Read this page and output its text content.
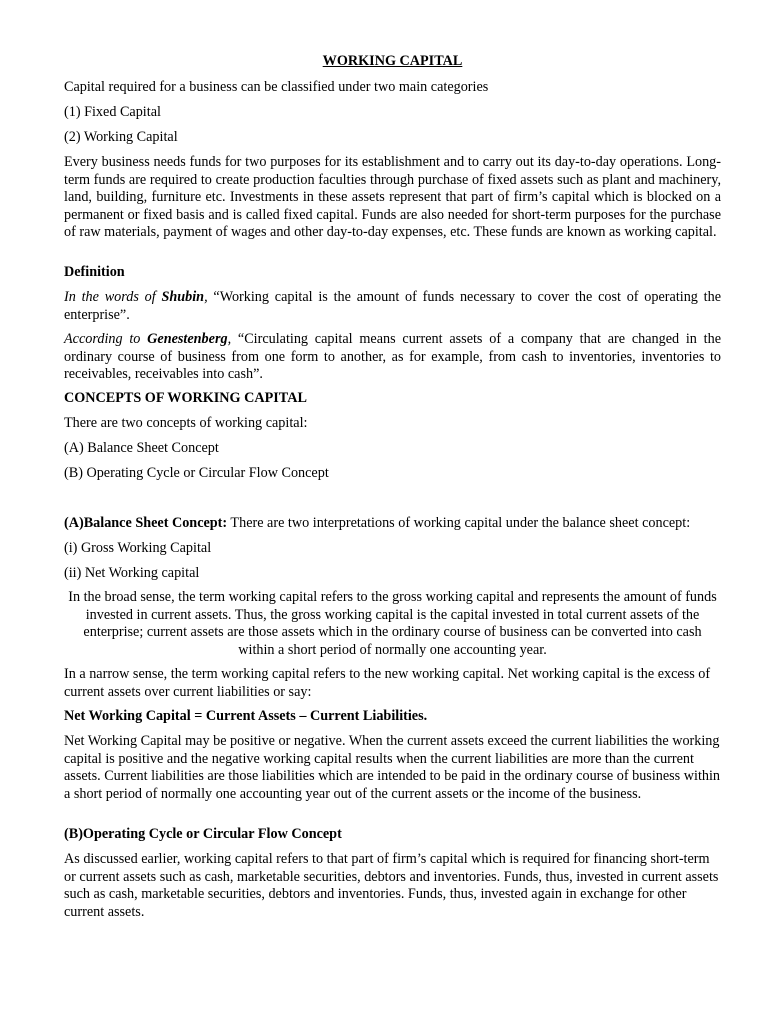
WORKING CAPITAL
Capital required for a business can be classified under two main categories
(1) Fixed Capital
(2) Working Capital
Every business needs funds for two purposes for its establishment and to carry out its day-to-day operations. Long-term funds are required to create production faculties through purchase of fixed assets such as plant and machinery, land, building, furniture etc. Investments in these assets represent that part of firm’s capital which is blocked on a permanent or fixed basis and is called fixed capital. Funds are also needed for short-term purposes for the purchase of raw materials, payment of wages and other day-to-day expenses, etc. These funds are known as working capital.
Definition
In the words of Shubin, “Working capital is the amount of funds necessary to cover the cost of operating the enterprise”.
According to Genestenberg, “Circulating capital means current assets of a company that are changed in the ordinary course of business from one form to another, as for example, from cash to inventories, inventories to receivables, receivables into cash”.
CONCEPTS OF WORKING CAPITAL
There are two concepts of working capital:
(A) Balance Sheet Concept
(B) Operating Cycle or Circular Flow Concept
(A)Balance Sheet Concept: There are two interpretations of working capital under the balance sheet concept:
(i) Gross Working Capital
(ii) Net Working capital
In the broad sense, the term working capital refers to the gross working capital and represents the amount of funds invested in current assets. Thus, the gross working capital is the capital invested in total current assets of the enterprise; current assets are those assets which in the ordinary course of business can be converted into cash within a short period of normally one accounting year.
In a narrow sense, the term working capital refers to the new working capital. Net working capital is the excess of current assets over current liabilities or say:
Net Working Capital = Current Assets – Current Liabilities.
Net Working Capital may be positive or negative. When the current assets exceed the current liabilities the working capital is positive and the negative working capital results when the current liabilities are more than the current assets. Current liabilities are those liabilities which are intended to be paid in the ordinary course of business within a short period of normally one accounting year out of the current assets or the income of the business.
(B)Operating Cycle or Circular Flow Concept
As discussed earlier, working capital refers to that part of firm’s capital which is required for financing short-term or current assets such as cash, marketable securities, debtors and inventories. Funds, thus, invested in current assets such as cash, marketable securities, debtors and inventories. Funds, thus, invested again in exchange for other current assets.
